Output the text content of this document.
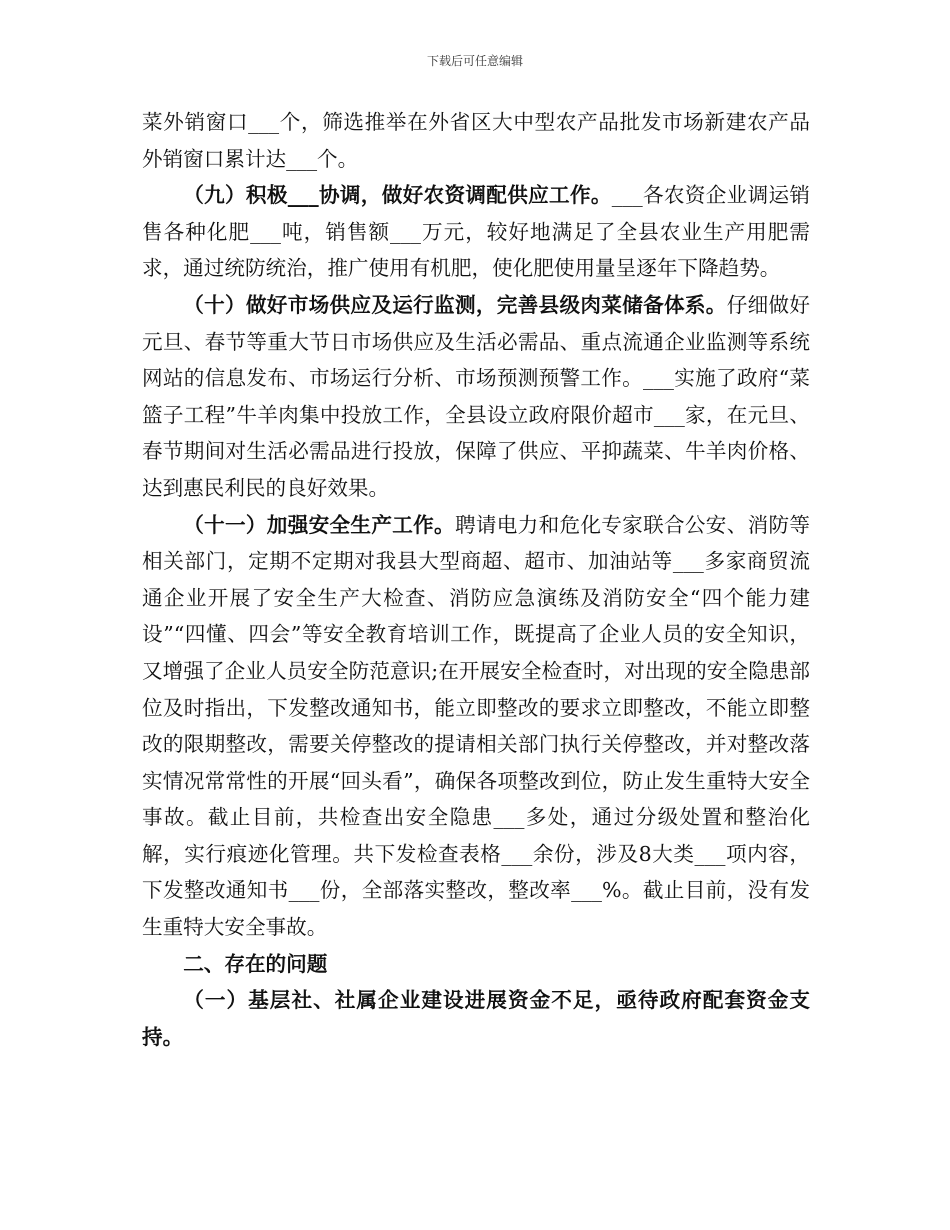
下载后可任意编辑

菜外销窗口___个，筛选推举在外省区大中型农产品批发市场新建农产品外销窗口累计达___个。

（九）积极___协调，做好农资调配供应工作。___各农资企业调运销售各种化肥___吨，销售额___万元，较好地满足了全县农业生产用肥需求，通过统防统治，推广使用有机肥，使化肥使用量呈逐年下降趋势。

（十）做好市场供应及运行监测，完善县级肉菜储备体系。仔细做好元旦、春节等重大节日市场供应及生活必需品、重点流通企业监测等系统网站的信息发布、市场运行分析、市场预测预警工作。___实施了政府“菜篮子工程”牛羊肉集中投放工作，全县设立政府限价超市___家，在元旦、春节期间对生活必需品进行投放，保障了供应、平抑蔬菜、牛羊肉价格、达到惠民利民的良好效果。

（十一）加强安全生产工作。聘请电力和危化专家联合公安、消防等相关部门，定期不定期对我县大型商超、超市、加油站等___多家商贸流通企业开展了安全生产大检查、消防应急演练及消防安全“四个能力建设”“四懂、四会”等安全教育培训工作，既提高了企业人员的安全知识，又增强了企业人员安全防范意识;在开展安全检查时，对出现的安全隐患部位及时指出，下发整改通知书，能立即整改的要求立即整改，不能立即整改的限期整改，需要关停整改的提请相关部门执行关停整改，并对整改落实情况常常性的开展“回头看”，确保各项整改到位，防止发生重特大安全事故。截止目前，共检查出安全隐患___多处，通过分级处置和整治化解，实行痕迹化管理。共下发检查表格___余份，涉及8大类___项内容，下发整改通知书___份，全部落实整改，整改率___%。截止目前，没有发生重特大安全事故。

二、存在的问题

（一）基层社、社属企业建设进展资金不足，亟待政府配套资金支持。
